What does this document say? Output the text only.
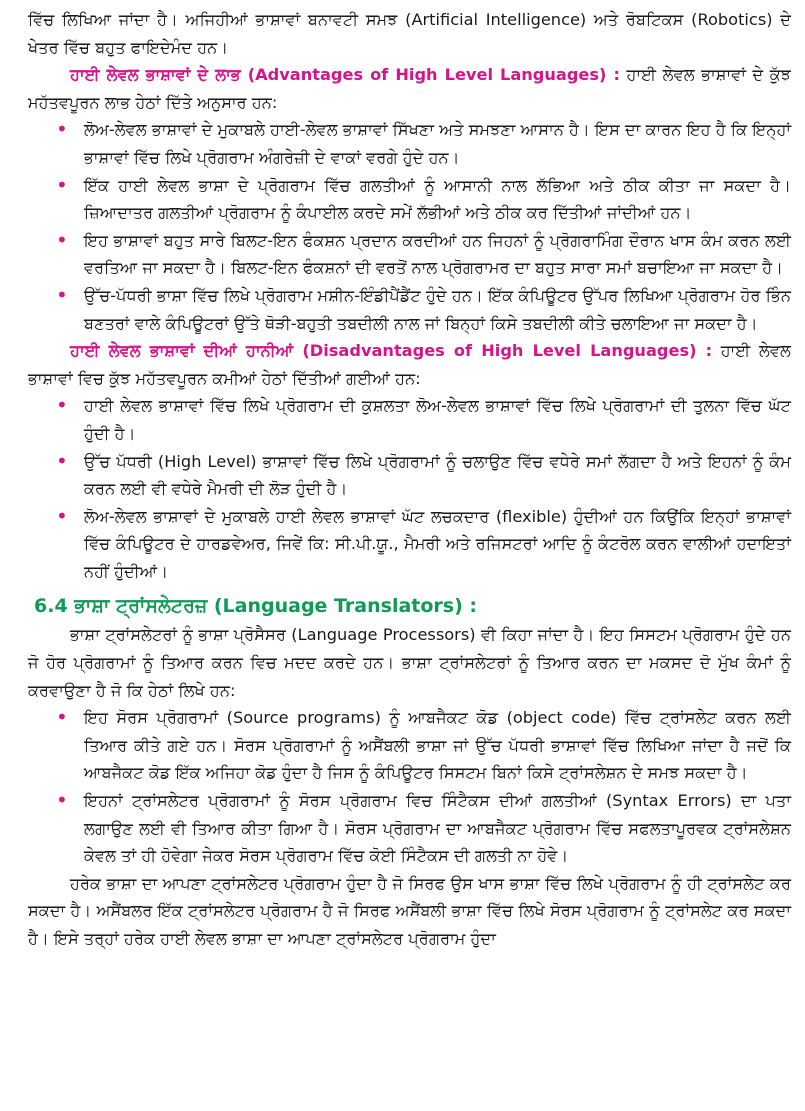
ਵਿੱਚ ਲਿਖਿਆ ਜਾਂਦਾ ਹੈ। ਅਜਿਹੀਆਂ ਭਾਸ਼ਾਵਾਂ ਬਨਾਵਟੀ ਸਮਝ (Artificial Intelligence) ਅਤੇ ਰੋਬਟਿਕਸ (Robotics) ਦੇ ਖੇਤਰ ਵਿੱਚ ਬਹੁਤ ਫਾਇਦੇਮੰਦ ਹਨ।

ਹਾਈ ਲੇਵਲ ਭਾਸ਼ਾਵਾਂ ਦੇ ਲਾਭ (Advantages of High Level Languages) : ਹਾਈ ਲੇਵਲ ਭਾਸ਼ਾਵਾਂ ਦੇ ਕੁੱਝ ਮਹੱਤਵਪੂਰਨ ਲਾਭ ਹੇਠਾਂ ਦਿੱਤੇ ਅਨੁਸਾਰ ਹਨ:

• ਲੋਅ-ਲੇਵਲ ਭਾਸ਼ਾਵਾਂ ਦੇ ਮੁਕਾਬਲੇ ਹਾਈ-ਲੇਵਲ ਭਾਸ਼ਾਵਾਂ ਸਿੱਖਣਾ ਅਤੇ ਸਮਝਣਾ ਆਸਾਨ ਹੈ। ਇਸ ਦਾ ਕਾਰਨ ਇਹ ਹੈ ਕਿ ਇਨ੍ਹਾਂ ਭਾਸ਼ਾਵਾਂ ਵਿੱਚ ਲਿਖੇ ਪ੍ਰੋਗਰਾਮ ਅੰਗਰੇਜ਼ੀ ਦੇ ਵਾਕਾਂ ਵਰਗੇ ਹੁੰਦੇ ਹਨ।
• ਇੱਕ ਹਾਈ ਲੇਵਲ ਭਾਸ਼ਾ ਦੇ ਪ੍ਰੋਗਰਾਮ ਵਿੱਚ ਗਲਤੀਆਂ ਨੂੰ ਆਸਾਨੀ ਨਾਲ ਲੱਭਿਆ ਅਤੇ ਠੀਕ ਕੀਤਾ ਜਾ ਸਕਦਾ ਹੈ। ਜ਼ਿਆਦਾਤਰ ਗਲਤੀਆਂ ਪ੍ਰੋਗਰਾਮ ਨੂੰ ਕੰਪਾਈਲ ਕਰਦੇ ਸਮੇਂ ਲੱਭੀਆਂ ਅਤੇ ਠੀਕ ਕਰ ਦਿੱਤੀਆਂ ਜਾਂਦੀਆਂ ਹਨ।
• ਇਹ ਭਾਸ਼ਾਵਾਂ ਬਹੁਤ ਸਾਰੇ ਬਿਲਟ-ਇਨ ਫੰਕਸ਼ਨ ਪ੍ਰਦਾਨ ਕਰਦੀਆਂ ਹਨ ਜਿਹਨਾਂ ਨੂੰ ਪ੍ਰੋਗਰਾਮਿੰਗ ਦੌਰਾਨ ਖਾਸ ਕੰਮ ਕਰਨ ਲਈ ਵਰਤਿਆ ਜਾ ਸਕਦਾ ਹੈ। ਬਿਲਟ-ਇਨ ਫੰਕਸ਼ਨਾਂ ਦੀ ਵਰਤੋਂ ਨਾਲ ਪ੍ਰੋਗਰਾਮਰ ਦਾ ਬਹੁਤ ਸਾਰਾ ਸਮਾਂ ਬਚਾਇਆ ਜਾ ਸਕਦਾ ਹੈ।
• ਉੱਚ-ਪੱਧਰੀ ਭਾਸ਼ਾ ਵਿੱਚ ਲਿਖੇ ਪ੍ਰੋਗਰਾਮ ਮਸ਼ੀਨ-ਇੰਡੀਪੈਂਡੈਂਟ ਹੁੰਦੇ ਹਨ। ਇੱਕ ਕੰਪਿਊਟਰ ਉੱਪਰ ਲਿਖਿਆ ਪ੍ਰੋਗਰਾਮ ਹੋਰ ਭਿੰਨ ਬਣਤਰਾਂ ਵਾਲੇ ਕੰਪਿਊਟਰਾਂ ਉੱਤੇ ਥੋੜੀ-ਬਹੁਤੀ ਤਬਦੀਲੀ ਨਾਲ ਜਾਂ ਬਿਨ੍ਹਾਂ ਕਿਸੇ ਤਬਦੀਲੀ ਕੀਤੇ ਚਲਾਇਆ ਜਾ ਸਕਦਾ ਹੈ।

ਹਾਈ ਲੇਵਲ ਭਾਸ਼ਾਵਾਂ ਦੀਆਂ ਹਾਨੀਆਂ (Disadvantages of High Level Languages) : ਹਾਈ ਲੇਵਲ ਭਾਸ਼ਾਵਾਂ ਵਿਚ ਕੁੱਝ ਮਹੱਤਵਪੂਰਨ ਕਮੀਆਂ ਹੇਠਾਂ ਦਿੱਤੀਆਂ ਗਈਆਂ ਹਨ:

• ਹਾਈ ਲੇਵਲ ਭਾਸ਼ਾਵਾਂ ਵਿੱਚ ਲਿਖੇ ਪ੍ਰੋਗਰਾਮ ਦੀ ਕੁਸ਼ਲਤਾ ਲੋਅ-ਲੇਵਲ ਭਾਸ਼ਾਵਾਂ ਵਿੱਚ ਲਿਖੇ ਪ੍ਰੋਗਰਾਮਾਂ ਦੀ ਤੁਲਨਾ ਵਿੱਚ ਘੱਟ ਹੁੰਦੀ ਹੈ।
• ਉੱਚ ਪੱਧਰੀ (High Level) ਭਾਸ਼ਾਵਾਂ ਵਿੱਚ ਲਿਖੇ ਪ੍ਰੋਗਰਾਮਾਂ ਨੂੰ ਚਲਾਉਣ ਵਿੱਚ ਵਧੇਰੇ ਸਮਾਂ ਲੱਗਦਾ ਹੈ ਅਤੇ ਇਹਨਾਂ ਨੂੰ ਕੰਮ ਕਰਨ ਲਈ ਵੀ ਵਧੇਰੇ ਮੈਮਰੀ ਦੀ ਲੋੜ ਹੁੰਦੀ ਹੈ।
• ਲੋਅ-ਲੇਵਲ ਭਾਸ਼ਾਵਾਂ ਦੇ ਮੁਕਾਬਲੇ ਹਾਈ ਲੇਵਲ ਭਾਸ਼ਾਵਾਂ ਘੱਟ ਲਚਕਦਾਰ (flexible) ਹੁੰਦੀਆਂ ਹਨ ਕਿਉਂਕਿ ਇਨ੍ਹਾਂ ਭਾਸ਼ਾਵਾਂ ਵਿੱਚ ਕੰਪਿਊਟਰ ਦੇ ਹਾਰਡਵੇਅਰ, ਜਿਵੇਂ ਕਿ: ਸੀ.ਪੀ.ਯੂ., ਮੈਮਰੀ ਅਤੇ ਰਜਿਸਟਰਾਂ ਆਦਿ ਨੂੰ ਕੰਟਰੋਲ ਕਰਨ ਵਾਲੀਆਂ ਹਦਾਇਤਾਂ ਨਹੀਂ ਹੁੰਦੀਆਂ।
6.4 ਭਾਸ਼ਾ ਟ੍ਰਾਂਸਲੇਟਰਜ਼ (Language Translators) :

ਭਾਸ਼ਾ ਟ੍ਰਾਂਸਲੇਟਰਾਂ ਨੂੰ ਭਾਸ਼ਾ ਪ੍ਰੋਸੈਸਰ (Language Processors) ਵੀ ਕਿਹਾ ਜਾਂਦਾ ਹੈ। ਇਹ ਸਿਸਟਮ ਪ੍ਰੋਗਰਾਮ ਹੁੰਦੇ ਹਨ ਜੋ ਹੋਰ ਪ੍ਰੋਗਰਾਮਾਂ ਨੂੰ ਤਿਆਰ ਕਰਨ ਵਿਚ ਮਦਦ ਕਰਦੇ ਹਨ। ਭਾਸ਼ਾ ਟ੍ਰਾਂਸਲੇਟਰਾਂ ਨੂੰ ਤਿਆਰ ਕਰਨ ਦਾ ਮਕਸਦ ਦੋ ਮੁੱਖ ਕੰਮਾਂ ਨੂੰ ਕਰਵਾਉਣਾ ਹੈ ਜੋ ਕਿ ਹੇਠਾਂ ਲਿਖੇ ਹਨ:

• ਇਹ ਸੋਰਸ ਪ੍ਰੋਗਰਾਮਾਂ (Source programs) ਨੂੰ ਆਬਜੈਕਟ ਕੋਡ (object code) ਵਿੱਚ ਟ੍ਰਾਂਸਲੇਟ ਕਰਨ ਲਈ ਤਿਆਰ ਕੀਤੇ ਗਏ ਹਨ। ਸੋਰਸ ਪ੍ਰੋਗਰਾਮਾਂ ਨੂੰ ਅਸੈਂਬਲੀ ਭਾਸ਼ਾ ਜਾਂ ਉੱਚ ਪੱਧਰੀ ਭਾਸ਼ਾਵਾਂ ਵਿੱਚ ਲਿਖਿਆ ਜਾਂਦਾ ਹੈ ਜਦੋਂ ਕਿ ਆਬਜੈਕਟ ਕੋਡ ਇੱਕ ਅਜਿਹਾ ਕੋਡ ਹੁੰਦਾ ਹੈ ਜਿਸ ਨੂੰ ਕੰਪਿਊਟਰ ਸਿਸਟਮ ਬਿਨਾਂ ਕਿਸੇ ਟ੍ਰਾਂਸਲੇਸ਼ਨ ਦੇ ਸਮਝ ਸਕਦਾ ਹੈ।
• ਇਹਨਾਂ ਟ੍ਰਾਂਸਲੇਟਰ ਪ੍ਰੋਗਰਾਮਾਂ ਨੂੰ ਸੋਰਸ ਪ੍ਰੋਗਰਾਮ ਵਿਚ ਸਿੰਟੈਕਸ ਦੀਆਂ ਗਲਤੀਆਂ (Syntax Errors) ਦਾ ਪਤਾ ਲਗਾਉਣ ਲਈ ਵੀ ਤਿਆਰ ਕੀਤਾ ਗਿਆ ਹੈ। ਸੋਰਸ ਪ੍ਰੋਗਰਾਮ ਦਾ ਆਬਜੈਕਟ ਪ੍ਰੋਗਰਾਮ ਵਿੱਚ ਸਫਲਤਾਪੂਰਵਕ ਟ੍ਰਾਂਸਲੇਸ਼ਨ ਕੇਵਲ ਤਾਂ ਹੀ ਹੋਵੇਗਾ ਜੇਕਰ ਸੋਰਸ ਪ੍ਰੋਗਰਾਮ ਵਿੱਚ ਕੋਈ ਸਿੰਟੈਕਸ ਦੀ ਗਲਤੀ ਨਾ ਹੋਵੇ।

ਹਰੇਕ ਭਾਸ਼ਾ ਦਾ ਆਪਣਾ ਟ੍ਰਾਂਸਲੇਟਰ ਪ੍ਰੋਗਰਾਮ ਹੁੰਦਾ ਹੈ ਜੋ ਸਿਰਫ ਉਸ ਖਾਸ ਭਾਸ਼ਾ ਵਿੱਚ ਲਿਖੇ ਪ੍ਰੋਗਰਾਮ ਨੂੰ ਹੀ ਟ੍ਰਾਂਸਲੇਟ ਕਰ ਸਕਦਾ ਹੈ। ਅਸੈਂਬਲਰ ਇੱਕ ਟ੍ਰਾਂਸਲੇਟਰ ਪ੍ਰੋਗਰਾਮ ਹੈ ਜੋ ਸਿਰਫ ਅਸੈਂਬਲੀ ਭਾਸ਼ਾ ਵਿੱਚ ਲਿਖੇ ਸੋਰਸ ਪ੍ਰੋਗਰਾਮ ਨੂੰ ਟ੍ਰਾਂਸਲੇਟ ਕਰ ਸਕਦਾ ਹੈ। ਇਸੇ ਤਰ੍ਹਾਂ ਹਰੇਕ ਹਾਈ ਲੇਵਲ ਭਾਸ਼ਾ ਦਾ ਆਪਣਾ ਟ੍ਰਾਂਸਲੇਟਰ ਪ੍ਰੋਗਰਾਮ ਹੁੰਦਾ
